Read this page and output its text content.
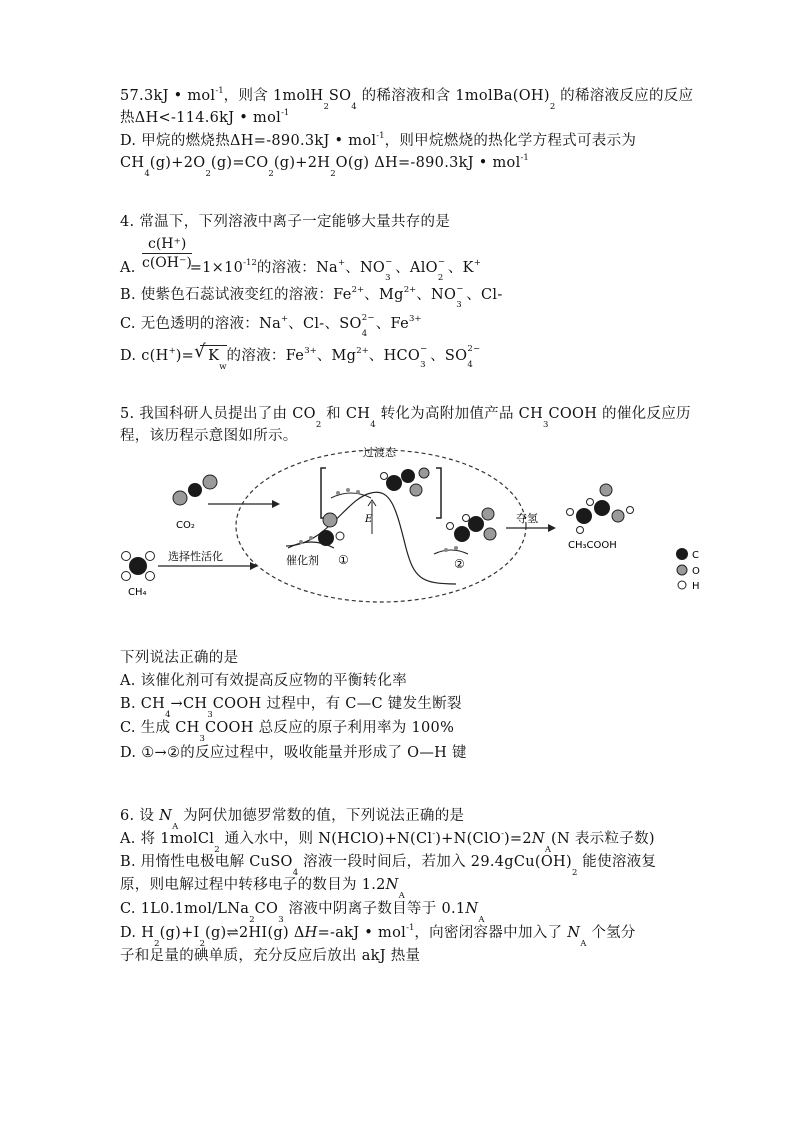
57.3kJ • mol$^{-1}$，则含 $1molH_2SO_4$ 的稀溶液和含 $1molBa(OH)_2$ 的稀溶液反应的反应
热ΔH<-114.6kJ • mol$^{-1}$
D. 甲烷的燃烧热ΔH=-890.3kJ • mol$^{-1}$，则甲烷燃烧的热化学方程式可表示为
$CH_4(g)+2O_2(g)=CO_2(g)+2H_2O(g)$ ΔH=-890.3kJ • mol$^{-1}$
4. 常温下，下列溶液中离子一定能够大量共存的是
c(H⁺)
c(OH⁻)
A.	$=1\times 10^{-12}$的溶液：Na+、NO −
3
、AlO −
2
、K+
B. 使紫色石蕊试液变红的溶液：$Fe^{2+}$、$Mg^{2+}$、NO −
3
、Cl-
C. 无色透明的溶液：Na+、Cl-、SO 2−
4
、$Fe^{3+}$
D. c(H+)= √ $K_w$的溶液：$Fe^{3+}$、$Mg^{2+}$、HCO −
3
、SO 2−
4
5. 我国科研人员提出了由 $CO_2$ 和 $CH_4$ 转化为高附加值产品 $CH_3COOH$ 的催化反应历
程，该历程示意图如所示。
过渡态
E
CO₂
CH₄
选择性活化	催化剂 ①	②
夺氢
CH₃COOH
C
O
H
下列说法正确的是
A. 该催化剂可有效提高反应物的平衡转化率
B. $CH_4\to CH_3COOH$ 过程中，有 C—C 键发生断裂
C. 生成 $CH_3COOH$ 总反应的原子利用率为 100%
D. ①→②的反应过程中，吸收能量并形成了 O—H 键
6. 设 $N_A$ 为阿伏加德罗常数的值，下列说法正确的是
A. 将 1molCl$_2$ 通入水中，则 $N(HClO)+N(Cl^-)+N(ClO^-)=2N_A(N$ 表示粒子数)
B. 用惰性电极电解 CuSO$_4$ 溶液一段时间后，若加入 $29.4gCu(OH)_2$ 能使溶液复
原，则电解过程中转移电子的数目为 $1.2N_A$
C. $1L0.1mol/LNa_2CO_3$ 溶液中阴离子数目等于 $0.1N_A$
D. $H_2(g)+I_2(g)\rightleftharpoons 2HI(g)$ ΔH=-akJ • mol$^{-1}$，向密闭容器中加入了 $N_A$ 个氢分
子和足量的碘单质，充分反应后放出 akJ 热量
